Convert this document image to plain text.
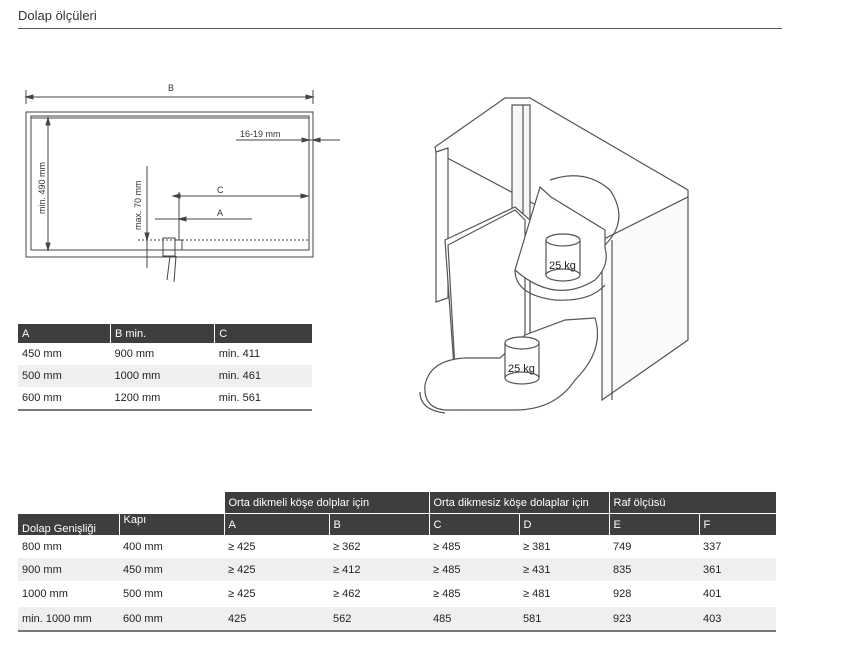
Dolap ölçüleri
B
min. 490 mm
16-19 mm
C
max. 70 mm	A
25 kg
25 kg
A	B min.	C
450 mm	900 mm	min. 411
500 mm	1000 mm	min. 461
600 mm	1200 mm	min. 561
		Orta dikmeli köşe dolplar için		Orta dikmesiz köşe dolaplar için		Raf ölçüsü	
Dolap Genişliği	Kapı	A	B	C	D	E	F
800 mm	400 mm	≥ 425	≥ 362	≥ 485	≥ 381	749	337
900 mm	450 mm	≥ 425	≥ 412	≥ 485	≥ 431	835	361
1000 mm	500 mm	≥ 425	≥ 462	≥ 485	≥ 481	928	401
min. 1000 mm	600 mm	425	562	485	581	923	403
